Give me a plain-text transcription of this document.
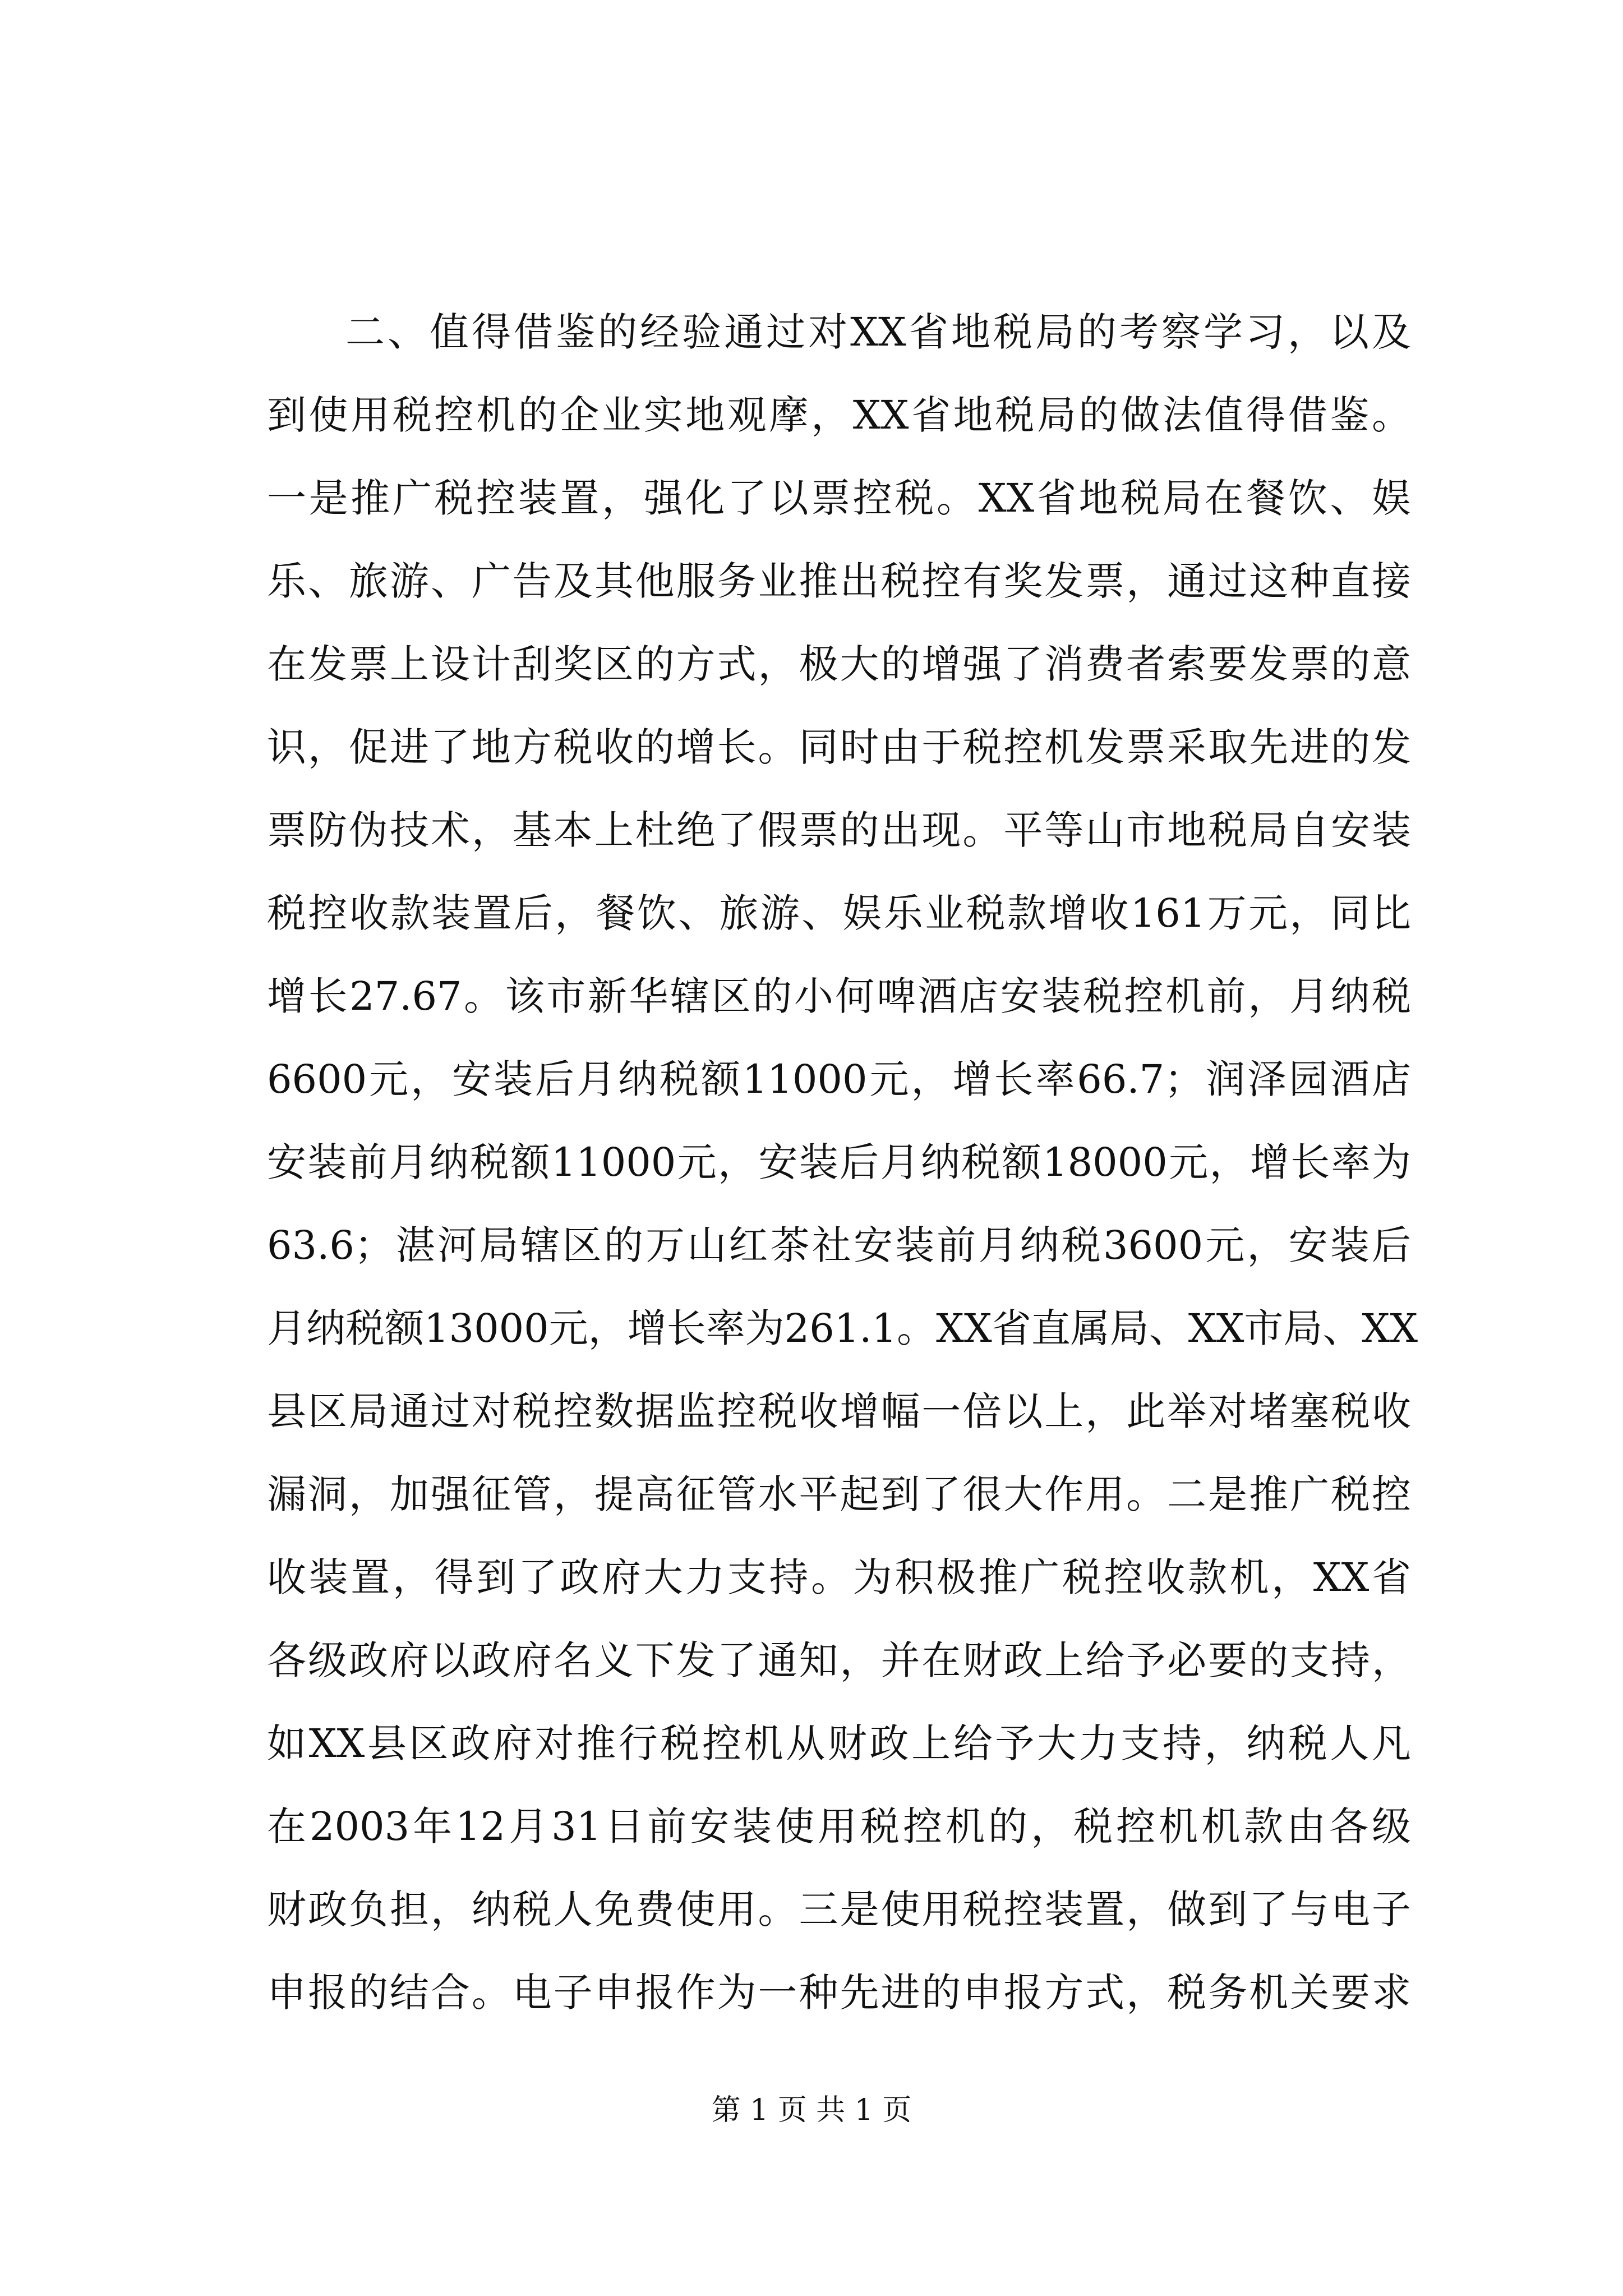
二、值得借鉴的经验通过对XX省地税局的考察学习，以及
到使用税控机的企业实地观摩，XX省地税局的做法值得借鉴。
一是推广税控装置，强化了以票控税。XX省地税局在餐饮、娱
乐、旅游、广告及其他服务业推出税控有奖发票，通过这种直接
在发票上设计刮奖区的方式，极大的增强了消费者索要发票的意
识，促进了地方税收的增长。同时由于税控机发票采取先进的发
票防伪技术，基本上杜绝了假票的出现。平等山市地税局自安装
税控收款装置后，餐饮、旅游、娱乐业税款增收161万元，同比
增长27.67。该市新华辖区的小何啤酒店安装税控机前，月纳税
6600元，安装后月纳税额11000元，增长率66.7；润泽园酒店
安装前月纳税额11000元，安装后月纳税额18000元，增长率为
63.6；湛河局辖区的万山红茶社安装前月纳税3600元，安装后
月纳税额13000元，增长率为261.1。XX省直属局、XX市局、XX
县区局通过对税控数据监控税收增幅一倍以上，此举对堵塞税收
漏洞，加强征管，提高征管水平起到了很大作用。二是推广税控
收装置，得到了政府大力支持。为积极推广税控收款机，XX省
各级政府以政府名义下发了通知，并在财政上给予必要的支持，
如XX县区政府对推行税控机从财政上给予大力支持，纳税人凡
在2003年12月31日前安装使用税控机的，税控机机款由各级
财政负担，纳税人免费使用。三是使用税控装置，做到了与电子
申报的结合。电子申报作为一种先进的申报方式，税务机关要求
第 1 页 共 1 页
